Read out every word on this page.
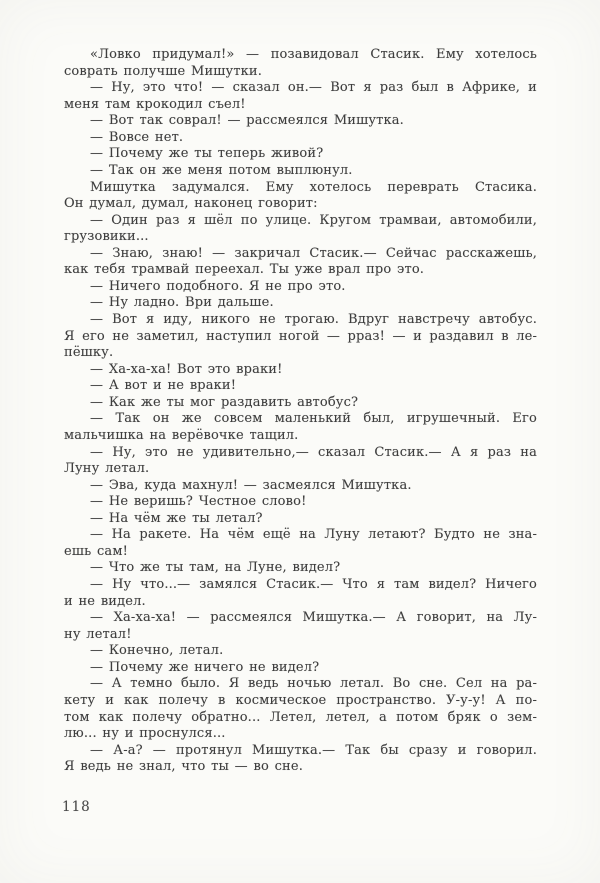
«Ловко придумал!» — позавидовал Стасик. Ему хотелось
соврать получше Мишутки.
— Ну, это что! — сказал он.— Вот я раз был в Африке, и
меня там крокодил съел!
— Вот так соврал! — рассмеялся Мишутка.
— Вовсе нет.
— Почему же ты теперь живой?
— Так он же меня потом выплюнул.
Мишутка задумался. Ему хотелось переврать Стасика.
Он думал, думал, наконец говорит:
— Один раз я шёл по улице. Кругом трамваи, автомобили,
грузовики...
— Знаю, знаю! — закричал Стасик.— Сейчас расскажешь,
как тебя трамвай переехал. Ты уже врал про это.
— Ничего подобного. Я не про это.
— Ну ладно. Ври дальше.
— Вот я иду, никого не трогаю. Вдруг навстречу автобус.
Я его не заметил, наступил ногой — рраз! — и раздавил в ле-
пёшку.
— Ха-ха-ха! Вот это враки!
— А вот и не враки!
— Как же ты мог раздавить автобус?
— Так он же совсем маленький был, игрушечный. Его
мальчишка на верёвочке тащил.
— Ну, это не удивительно,— сказал Стасик.— А я раз на
Луну летал.
— Эва, куда махнул! — засмеялся Мишутка.
— Не веришь? Честное слово!
— На чём же ты летал?
— На ракете. На чём ещё на Луну летают? Будто не зна-
ешь сам!
— Что же ты там, на Луне, видел?
— Ну что...— замялся Стасик.— Что я там видел? Ничего
и не видел.
— Ха-ха-ха! — рассмеялся Мишутка.— А говорит, на Лу-
ну летал!
— Конечно, летал.
— Почему же ничего не видел?
— А темно было. Я ведь ночью летал. Во сне. Сел на ра-
кету и как полечу в космическое пространство. У-у-у! А по-
том как полечу обратно... Летел, летел, а потом бряк о зем-
лю... ну и проснулся...
— А-а? — протянул Мишутка.— Так бы сразу и говорил.
Я ведь не знал, что ты — во сне.
118
